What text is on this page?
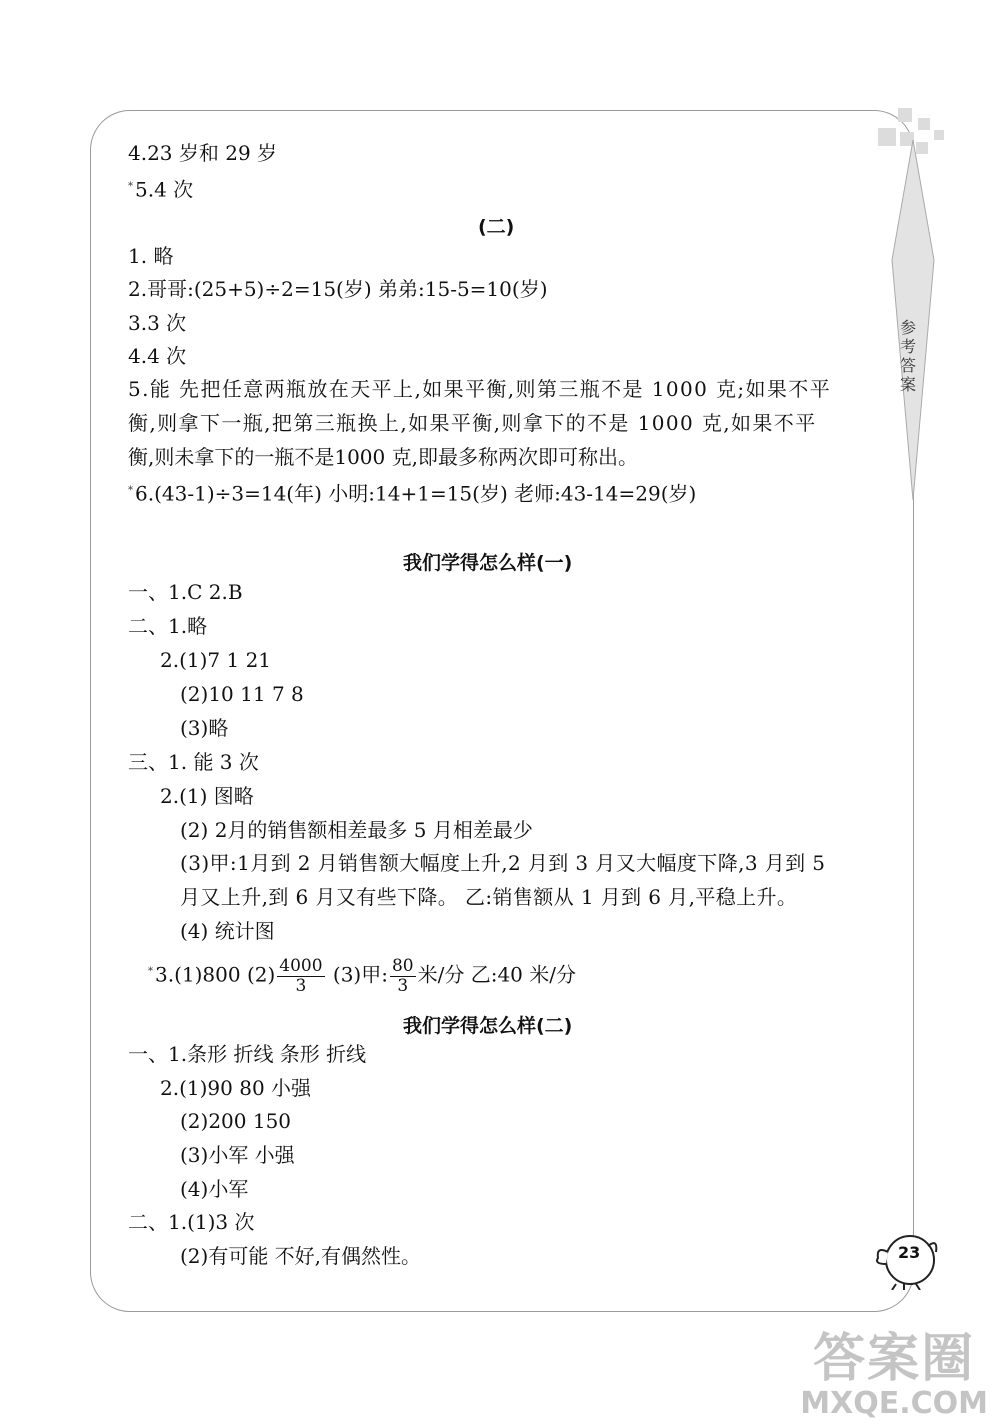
参考答案
4.23 岁和 29 岁
* 5.4 次
(二)
1. 略
2.哥哥:(25+5)÷2=15(岁) 弟弟:15-5=10(岁)
3.3 次
4.4 次
5.能 先把任意两瓶放在天平上,如果平衡,则第三瓶不是 1000 克;如果不平
衡,则拿下一瓶,把第三瓶换上,如果平衡,则拿下的不是 1000 克,如果不平
衡,则未拿下的一瓶不是1000 克,即最多称两次即可称出。
* 6.(43-1)÷3=14(年) 小明:14+1=15(岁) 老师:43-14=29(岁)
我们学得怎么样(一)
一、1.C 2.B
二、1.略
2.(1)7 1 21
(2)10 11 7 8
(3)略
三、1. 能 3 次
2.(1) 图略
(2) 2月的销售额相差最多 5 月相差最少
(3)甲:1月到 2 月销售额大幅度上升,2 月到 3 月又大幅度下降,3 月到 5
月又上升,到 6 月又有些下降。 乙:销售额从 1 月到 6 月,平稳上升。
(4) 统计图
* 3.(1)800 $(2) \frac{4000}{3} (3)$甲: $\frac{80}{3}$ 米/分 乙:40 米/分
我们学得怎么样(二)
一、1.条形 折线 条形 折线
2.(1)90 80 小强
(2)200 150
(3)小军 小强
(4)小军
二、1.(1)3 次
(2)有可能 不好,有偶然性。	23
答案圈
MXQE.COM
